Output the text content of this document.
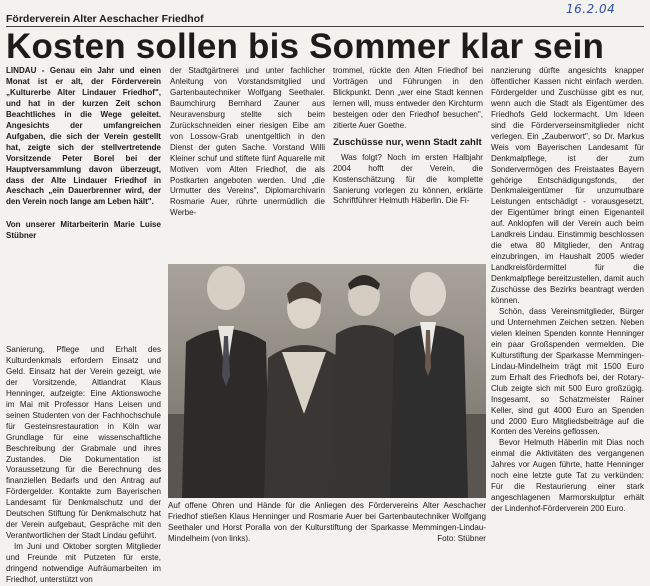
16.2.04
Förderverein Alter Aeschacher Friedhof
Kosten sollen bis Sommer klar sein

LINDAU - Genau ein Jahr und einen Monat ist er alt, der Förderverein „Kulturerbe Alter Lindauer Friedhof", und hat in der kurzen Zeit schon Beachtliches in die Wege geleitet. Angesichts der umfangreichen Aufgaben, die sich der Verein gestellt hat, zeigte sich der stellvertretende Vorsitzende Peter Borel bei der Hauptversammlung davon überzeugt, dass der Alte Lindauer Friedhof in Aeschach „ein Dauerbrenner wird, der den Verein noch lange am Leben hält".

Von unserer Mitarbeiterin Marie Luise Stübner

Sanierung, Pflege und Erhalt des Kulturdenkmals erfordern Einsatz und Geld. Einsatz hat der Verein gezeigt, wie der Vorsitzende, Altlandrat Klaus Henninger, aufzeigte: Eine Aktionswoche im Mai mit Professor Hans Leisen und seinen Studenten von der Fachhochschule für Gesteinsrestauration in Köln war Grundlage für eine wissenschaftliche Beschreibung der Grabmale und ihres Zustandes. Die Dokumentation ist Voraussetzung für die Berechnung des finanziellen Bedarfs und den Antrag auf Fördergelder. Kontakte zum Bayerischen Landesamt für Denkmalschutz und der Deutschen Stiftung für Denkmalschutz hat der Verein aufgebaut, Gespräche mit den Verantwortlichen der Stadt Lindau geführt.

Im Juni und Oktober sorgten Mitglieder und Freunde mit Putzeten für erste, dringend notwendige Aufräumarbeiten im Friedhof, unterstützt von

der Stadtgärtnerei und unter fachlicher Anleitung von Vorstandsmitglied und Gartenbautechniker Wolfgang Seethaler. Baumchirurg Bernhard Zauner aus Neuravensburg stellte sich beim Zurückschneiden einer riesigen Eibe am von Lossow-Grab unentgeltlich in den Dienst der guten Sache. Vorstand Willi Kleiner schuf und stiftete fünf Aquarelle mit Motiven vom Alten Friedhof, die als Postkarten angeboten werden. Und „die Urmutter des Vereins", Diplomarchivarin Rosmarie Auer, rührte unermüdlich die Werbe-

trommel, rückte den Alten Friedhof bei Vorträgen und Führungen in den Blickpunkt. Denn „wer eine Stadt kennen lernen will, muss entweder den Kirchturm besteigen oder den Friedhof besuchen", zitierte Auer Goethe.

Zuschüsse nur, wenn Stadt zahlt

Was folgt? Noch im ersten Halbjahr 2004 hofft der Verein, die Kostenschätzung für die komplette Sanierung vorlegen zu können, erklärte Schriftführer Helmuth Häberlin. Die Fi-

nanzierung dürfte angesichts knapper öffentlicher Kassen nicht einfach werden. Fördergelder und Zuschüsse gibt es nur, wenn auch die Stadt als Eigentümer des Friedhofs Geld lockermacht. Um Ideen sind die Förderverseinsmitglieder nicht verlegen. Ein „Zauberwort", so Dr. Markus Weis vom Bayerischen Landesamt für Denkmalpflege, ist der zum Sondervermögen des Freistaates Bayern gehörige Entschädigungsfonds, der Denkmaleigentümer für unzumutbare Leistungen entschädigt - vorausgesetzt, der Eigentümer bringt einen Eigenanteil auf. Anklopfen will der Verein auch beim Landkreis Lindau. Einstimmig beschlossen die etwa 80 Mitglieder, den Antrag einzubringen, im Haushalt 2005 wieder Landkreisfördermittel für die Denkmalpflege bereitzustellen, damit auch Zuschüsse des Bezirks beantragt werden können.

Schön, dass Vereinsmitglieder, Bürger und Unternehmen Zeichen setzen. Neben vielen kleinen Spenden konnte Henninger ein paar Großspenden vermelden. Die Kulturstiftung der Sparkasse Memmingen-Lindau-Mindelheim trägt mit 1500 Euro zum Erhalt des Friedhofs bei, der Rotary-Club zeigte sich mit 500 Euro großzügig. Insgesamt, so Schatzmeister Rainer Keller, sind gut 4000 Euro an Spenden und 2000 Euro Mitgliedsbeiträge auf die Konten des Vereins geflossen.

Bevor Helmuth Häberlin mit Dias noch einmal die Aktivitäten des vergangenen Jahres vor Augen führte, hatte Henninger noch eine letzte gute Tat zu verkünden: Für die Restaurierung einer stark angeschlagenen Marmorskulptur erhält der Lindenhof-Förderverein 200 Euro.

Auf offene Ohren und Hände für die Anliegen des Fördervereins Alter Aeschacher Friedhof stießen Klaus Henninger und Rosmarie Auer bei Gartenbautechniker Wolfgang Seethaler und Horst Poralla von der Kulturstiftung der Sparkasse Memmingen-Lindau-Mindelheim (von links).	Foto: Stübner
